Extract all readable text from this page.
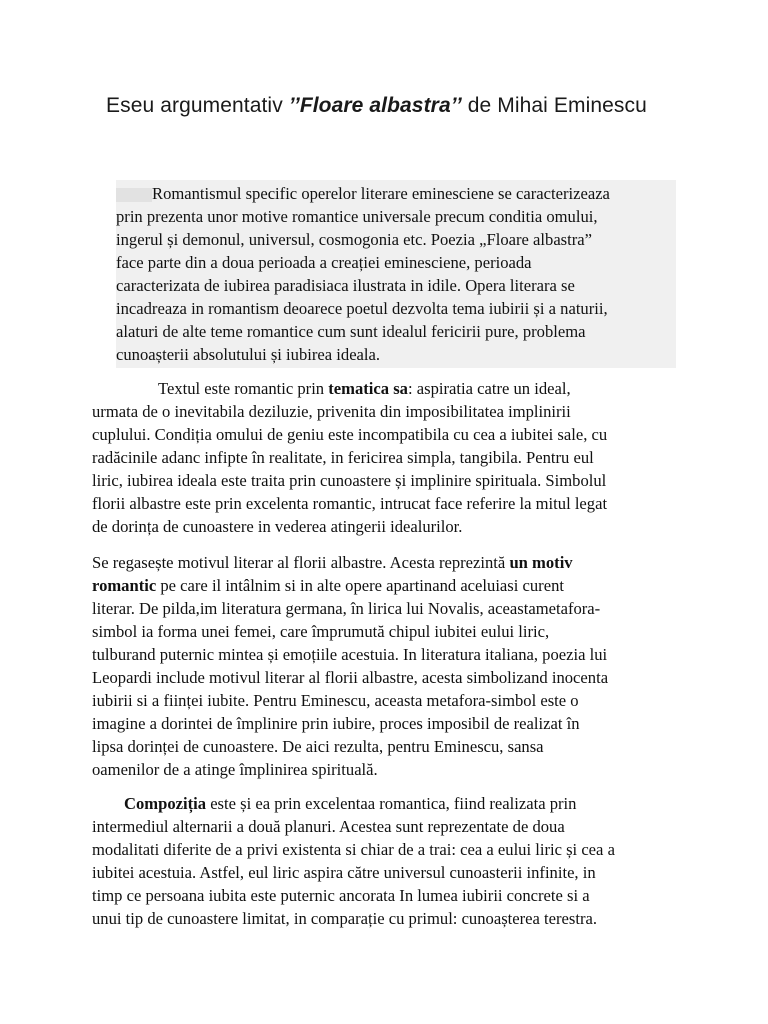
Eseu argumentativ ’’Floare albastra’’ de Mihai Eminescu
Romantismul specific operelor literare eminesciene se caracterizeaza
prin prezenta unor motive romantice universale precum conditia omului,
ingerul și demonul, universul, cosmogonia etc. Poezia „Floare albastra”
face parte din a doua perioada a creației eminesciene, perioada
caracterizata de iubirea paradisiaca ilustrata in idile. Opera literara se
incadreaza in romantism deoarece poetul dezvolta tema iubirii și a naturii,
alaturi de alte teme romantice cum sunt idealul fericirii pure, problema
cunoașterii absolutului și iubirea ideala.
Textul este romantic prin tematica sa: aspiratia catre un ideal,
urmata de o inevitabila deziluzie, privenita din imposibilitatea implinirii
cuplului. Condiția omului de geniu este incompatibila cu cea a iubitei sale, cu
radăcinile adanc infipte în realitate, in fericirea simpla, tangibila. Pentru eul
liric, iubirea ideala este traita prin cunoastere și implinire spirituala. Simbolul
florii albastre este prin excelenta romantic, intrucat face referire la mitul legat
de dorința de cunoastere in vederea atingerii idealurilor.
Se regasește motivul literar al florii albastre. Acesta reprezintă un motiv
romantic pe care il intâlnim si in alte opere apartinand aceluiasi curent
literar. De pilda,im literatura germana, în lirica lui Novalis, aceastametafora-
simbol ia forma unei femei, care împrumută chipul iubitei eului liric,
tulburand puternic mintea și emoțiile acestuia. In literatura italiana, poezia lui
Leopardi include motivul literar al florii albastre, acesta simbolizand inocenta
iubirii si a ființei iubite. Pentru Eminescu, aceasta metafora-simbol este o
imagine a dorintei de împlinire prin iubire, proces imposibil de realizat în
lipsa dorinței de cunoastere. De aici rezulta, pentru Eminescu, sansa
oamenilor de a atinge împlinirea spirituală.
Compoziția este și ea prin excelentaa romantica, fiind realizata prin
intermediul alternarii a două planuri. Acestea sunt reprezentate de doua
modalitati diferite de a privi existenta si chiar de a trai: cea a eului liric și cea a
iubitei acestuia. Astfel, eul liric aspira către universul cunoasterii infinite, in
timp ce persoana iubita este puternic ancorata In lumea iubirii concrete si a
unui tip de cunoastere limitat, in comparație cu primul: cunoașterea terestra.
